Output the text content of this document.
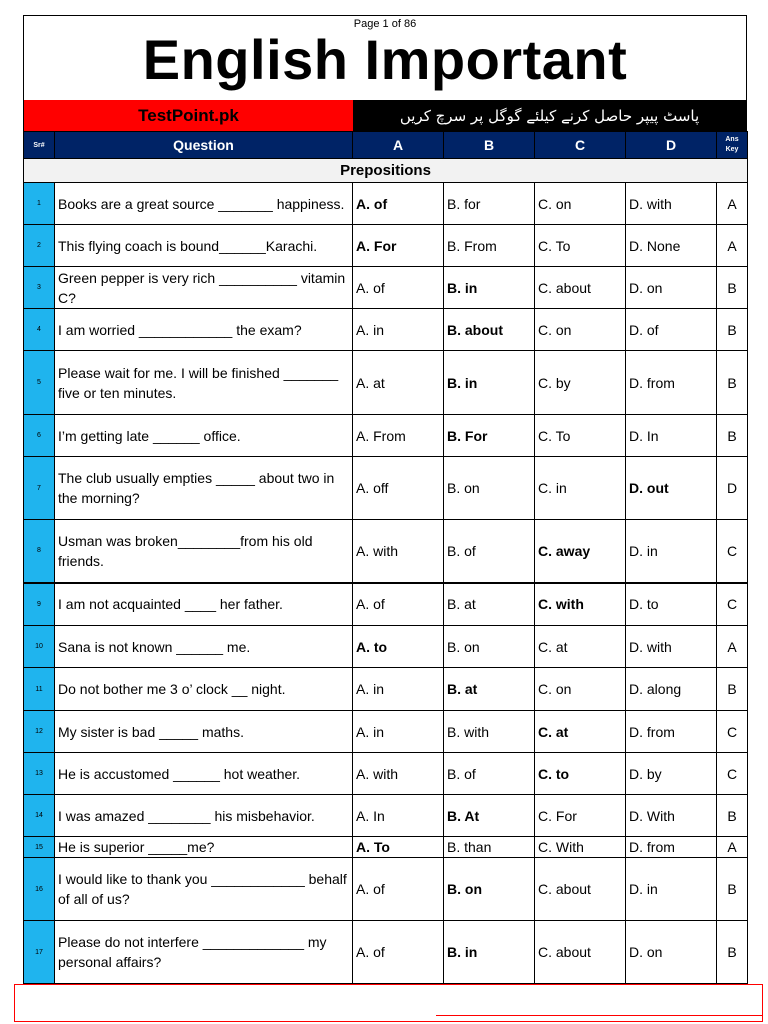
Page 1 of 86
English Important
TestPoint.pk	پاسٹ پیپر حاصل کرنے کیلئے گوگل پر سرچ کریں
Sr#	Question	A	B	C	D	Ans
Key
Prepositions						
1	Books are a great source _______ happiness.	A. of	B. for	C. on	D. with	A
2	This flying coach is bound______Karachi.	A. For	B. From	C. To	D. None	A
3	Green pepper is very rich __________ vitamin C?	A. of	B. in	C. about	D. on	B
4	I am worried ____________ the exam?	A. in	B. about	C. on	D. of	B
5	Please wait for me. I will be finished _______ five or ten minutes.	A. at	B. in	C. by	D. from	B
6	I’m getting late ______ office.	A. From	B. For	C. To	D. In	B
7	The club usually empties _____ about two in the morning?	A. off	B. on	C. in	D. out	D
8	Usman was broken________from his old friends.	A. with	B. of	C. away	D. in	C
9	I am not acquainted ____ her father.	A. of	B. at	C. with	D. to	C
10	Sana is not known ______ me.	A. to	B. on	C. at	D. with	A
11	Do not bother me 3 o’ clock __ night.	A. in	B. at	C. on	D. along	B
12	My sister is bad _____ maths.	A. in	B. with	C. at	D. from	C
13	He is accustomed ______ hot weather.	A. with	B. of	C. to	D. by	C
14	I was amazed ________ his misbehavior.	A. In	B. At	C. For	D. With	B
15	He is superior _____me?	A. To	B. than	C. With	D. from	A
16	I would like to thank you ____________ behalf of all of us?	A. of	B. on	C. about	D. in	B
17	Please do not interfere _____________ my personal affairs?	A. of	B. in	C. about	D. on	B
